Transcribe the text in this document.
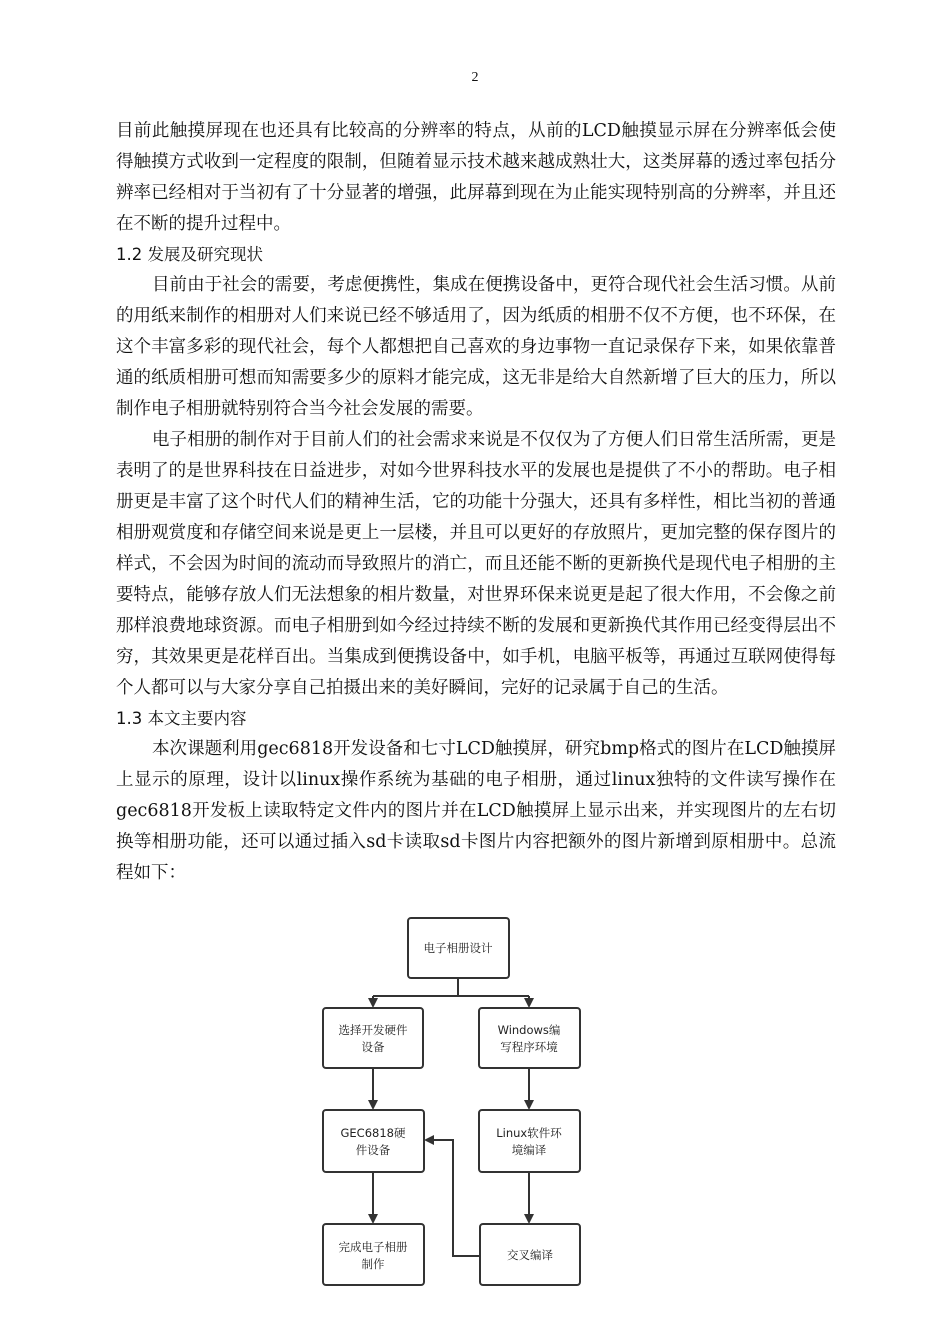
2

目前此触摸屏现在也还具有比较高的分辨率的特点，从前的LCD触摸显示屏在分辨率低会使得触摸方式收到一定程度的限制，但随着显示技术越来越成熟壮大，这类屏幕的透过率包括分辨率已经相对于当初有了十分显著的增强，此屏幕到现在为止能实现特别高的分辨率，并且还在不断的提升过程中。

1.2 发展及研究现状

目前由于社会的需要，考虑便携性，集成在便携设备中，更符合现代社会生活习惯。从前的用纸来制作的相册对人们来说已经不够适用了，因为纸质的相册不仅不方便，也不环保，在这个丰富多彩的现代社会，每个人都想把自己喜欢的身边事物一直记录保存下来，如果依靠普通的纸质相册可想而知需要多少的原料才能完成，这无非是给大自然新增了巨大的压力，所以制作电子相册就特别符合当今社会发展的需要。

电子相册的制作对于目前人们的社会需求来说是不仅仅为了方便人们日常生活所需，更是表明了的是世界科技在日益进步，对如今世界科技水平的发展也是提供了不小的帮助。电子相册更是丰富了这个时代人们的精神生活，它的功能十分强大，还具有多样性，相比当初的普通相册观赏度和存储空间来说是更上一层楼，并且可以更好的存放照片，更加完整的保存图片的样式，不会因为时间的流动而导致照片的消亡，而且还能不断的更新换代是现代电子相册的主要特点，能够存放人们无法想象的相片数量，对世界环保来说更是起了很大作用，不会像之前那样浪费地球资源。而电子相册到如今经过持续不断的发展和更新换代其作用已经变得层出不穷，其效果更是花样百出。当集成到便携设备中，如手机，电脑平板等，再通过互联网使得每个人都可以与大家分享自己拍摄出来的美好瞬间，完好的记录属于自己的生活。

1.3 本文主要内容

本次课题利用gec6818开发设备和七寸LCD触摸屏，研究bmp格式的图片在LCD触摸屏上显示的原理，设计以linux操作系统为基础的电子相册，通过linux独特的文件读写操作在gec6818开发板上读取特定文件内的图片并在LCD触摸屏上显示出来，并实现图片的左右切换等相册功能，还可以通过插入sd卡读取sd卡图片内容把额外的图片新增到原相册中。总流程如下：

电子相册设计
选择开发硬件
设备
Windows编
写程序环境
GEC6818硬
件设备
Linux软件环
境编译
完成电子相册
制作
交叉编译
